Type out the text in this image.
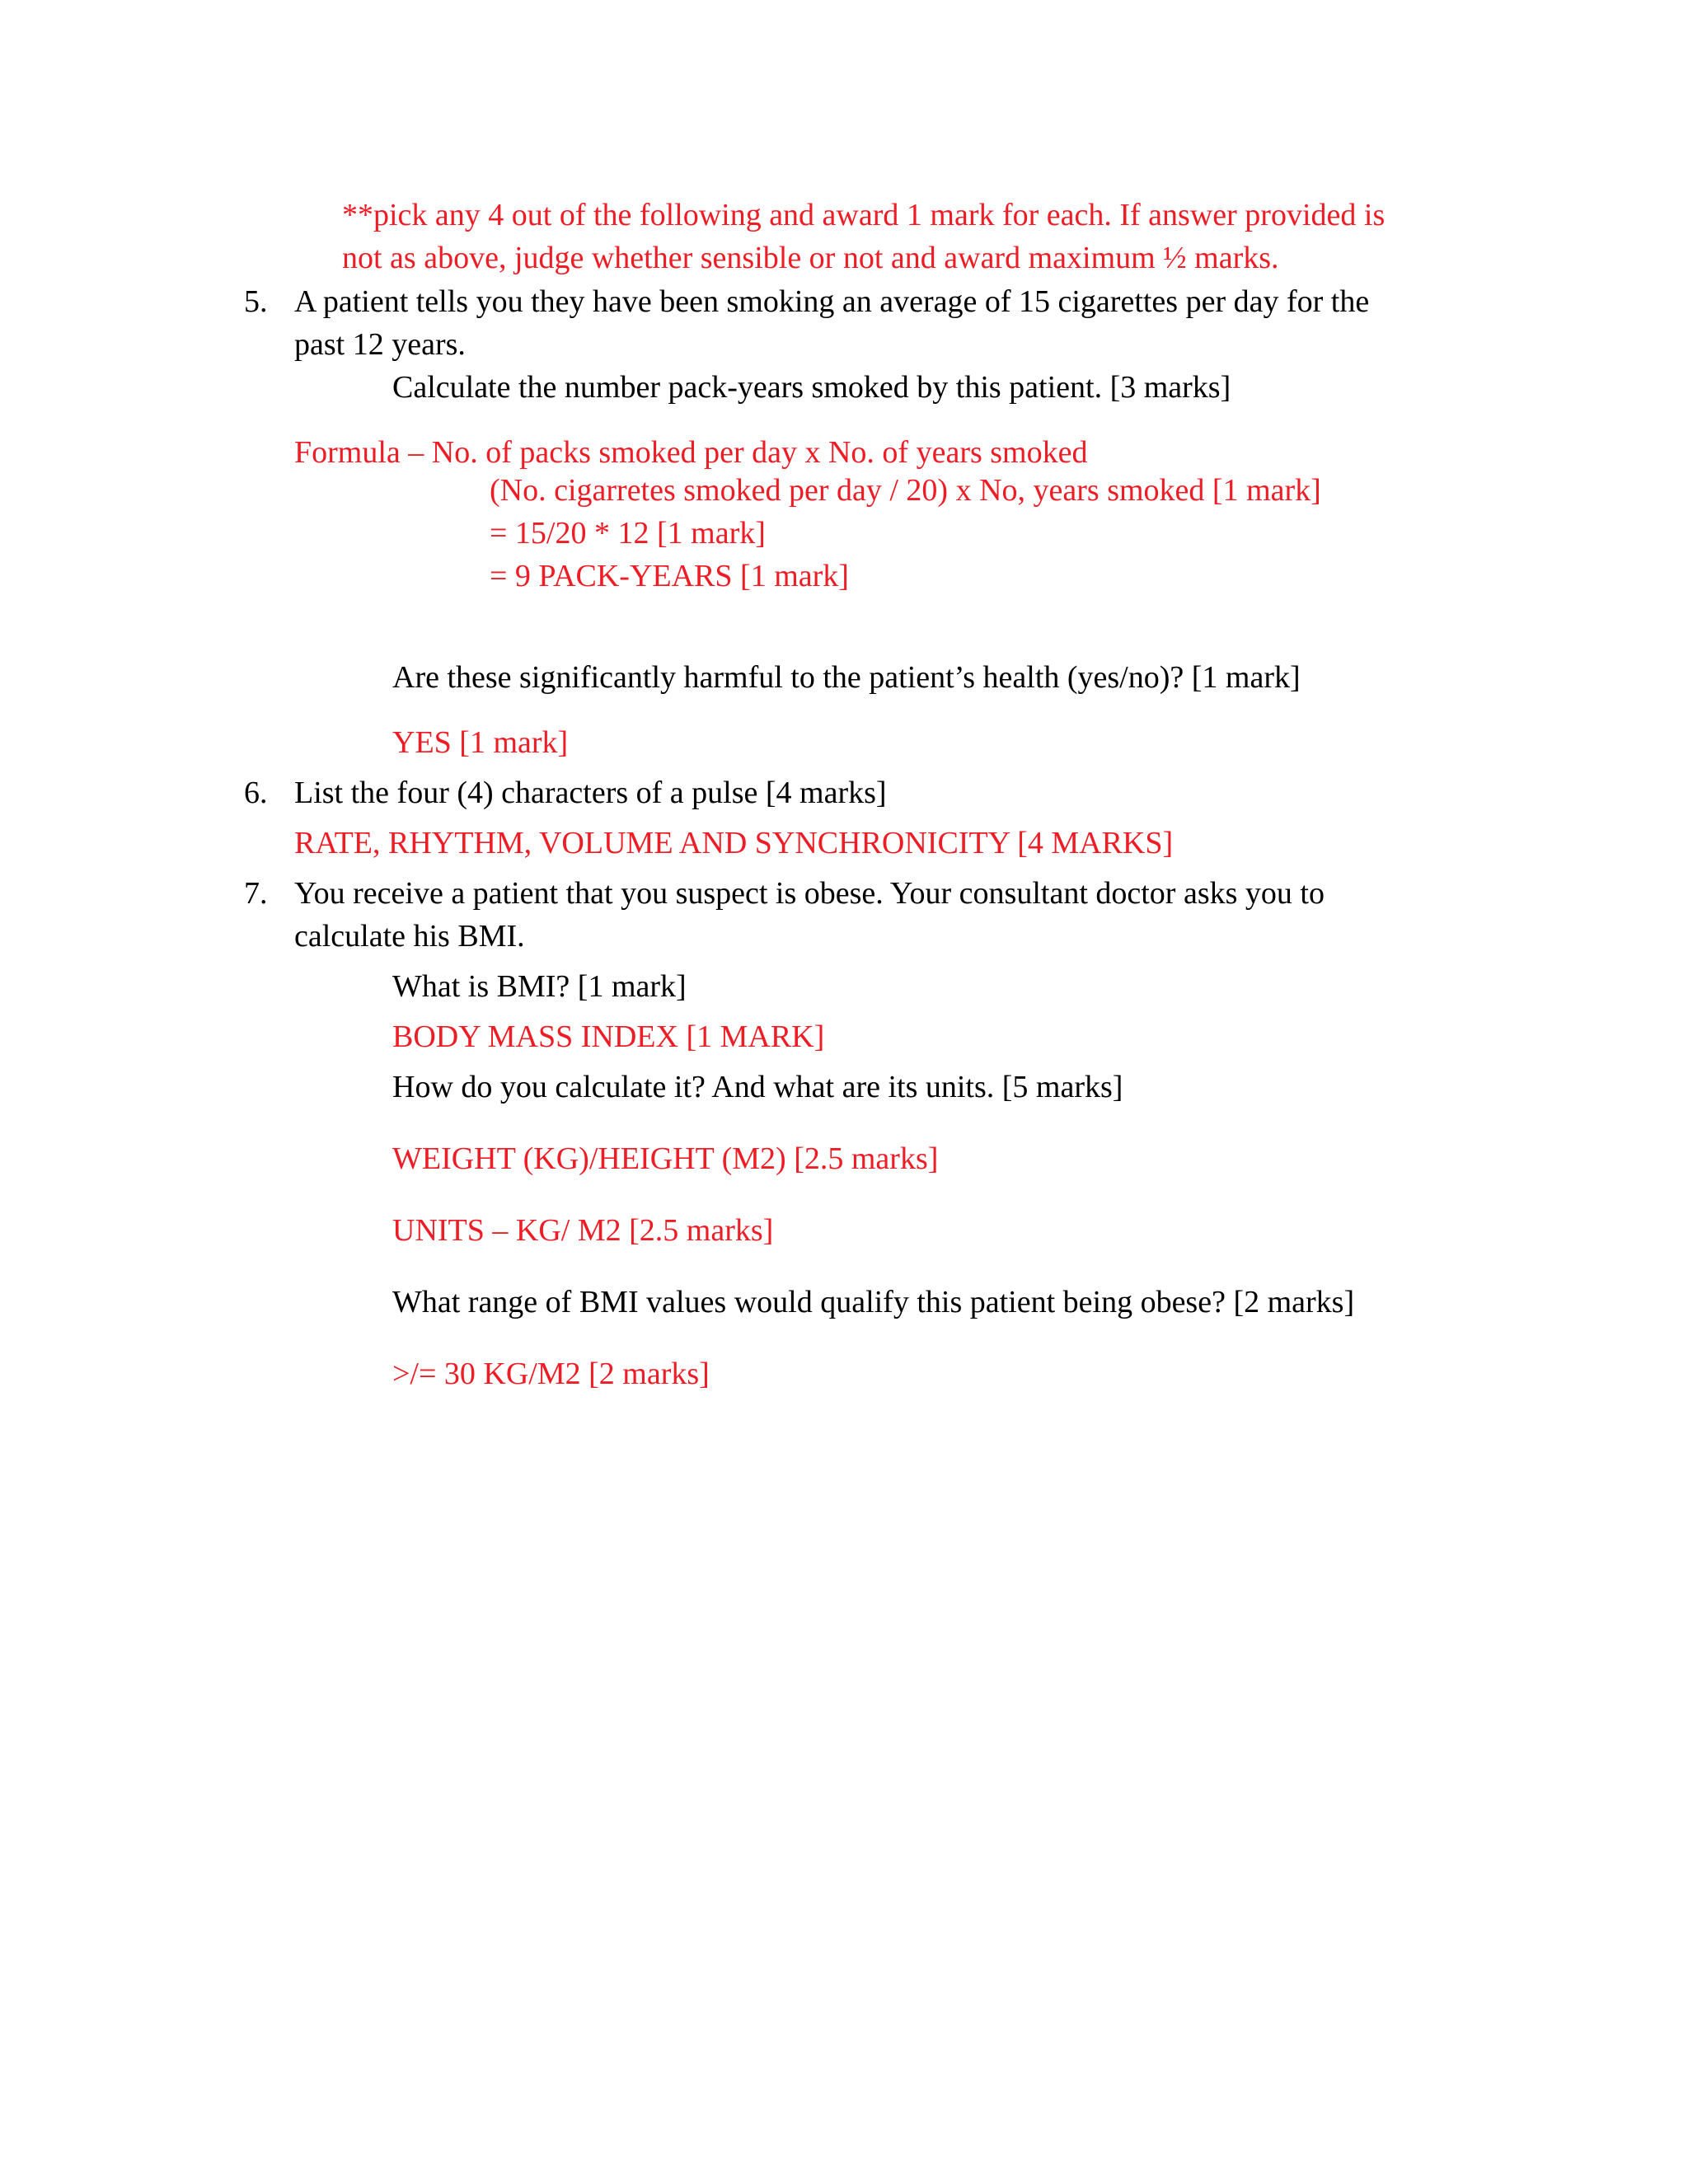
**pick any 4 out of the following and award 1 mark for each. If answer provided is
not as above, judge whether sensible or not and award maximum ½ marks.
5. A patient tells you they have been smoking an average of 15 cigarettes per day for the
past 12 years.
Calculate the number pack-years smoked by this patient. [3 marks]
Formula – No. of packs smoked per day x No. of years smoked
(No. cigarretes smoked per day / 20) x No, years smoked [1 mark]
= 15/20 * 12 [1 mark]
= 9 PACK-YEARS [1 mark]
Are these significantly harmful to the patient’s health (yes/no)? [1 mark]
YES [1 mark]
6. List the four (4) characters of a pulse [4 marks]
RATE, RHYTHM, VOLUME AND SYNCHRONICITY [4 MARKS]
7. You receive a patient that you suspect is obese. Your consultant doctor asks you to
calculate his BMI.
What is BMI? [1 mark]
BODY MASS INDEX [1 MARK]
How do you calculate it? And what are its units. [5 marks]
WEIGHT (KG)/HEIGHT (M2) [2.5 marks]
UNITS – KG/ M2 [2.5 marks]
What range of BMI values would qualify this patient being obese? [2 marks]
>/= 30 KG/M2 [2 marks]
